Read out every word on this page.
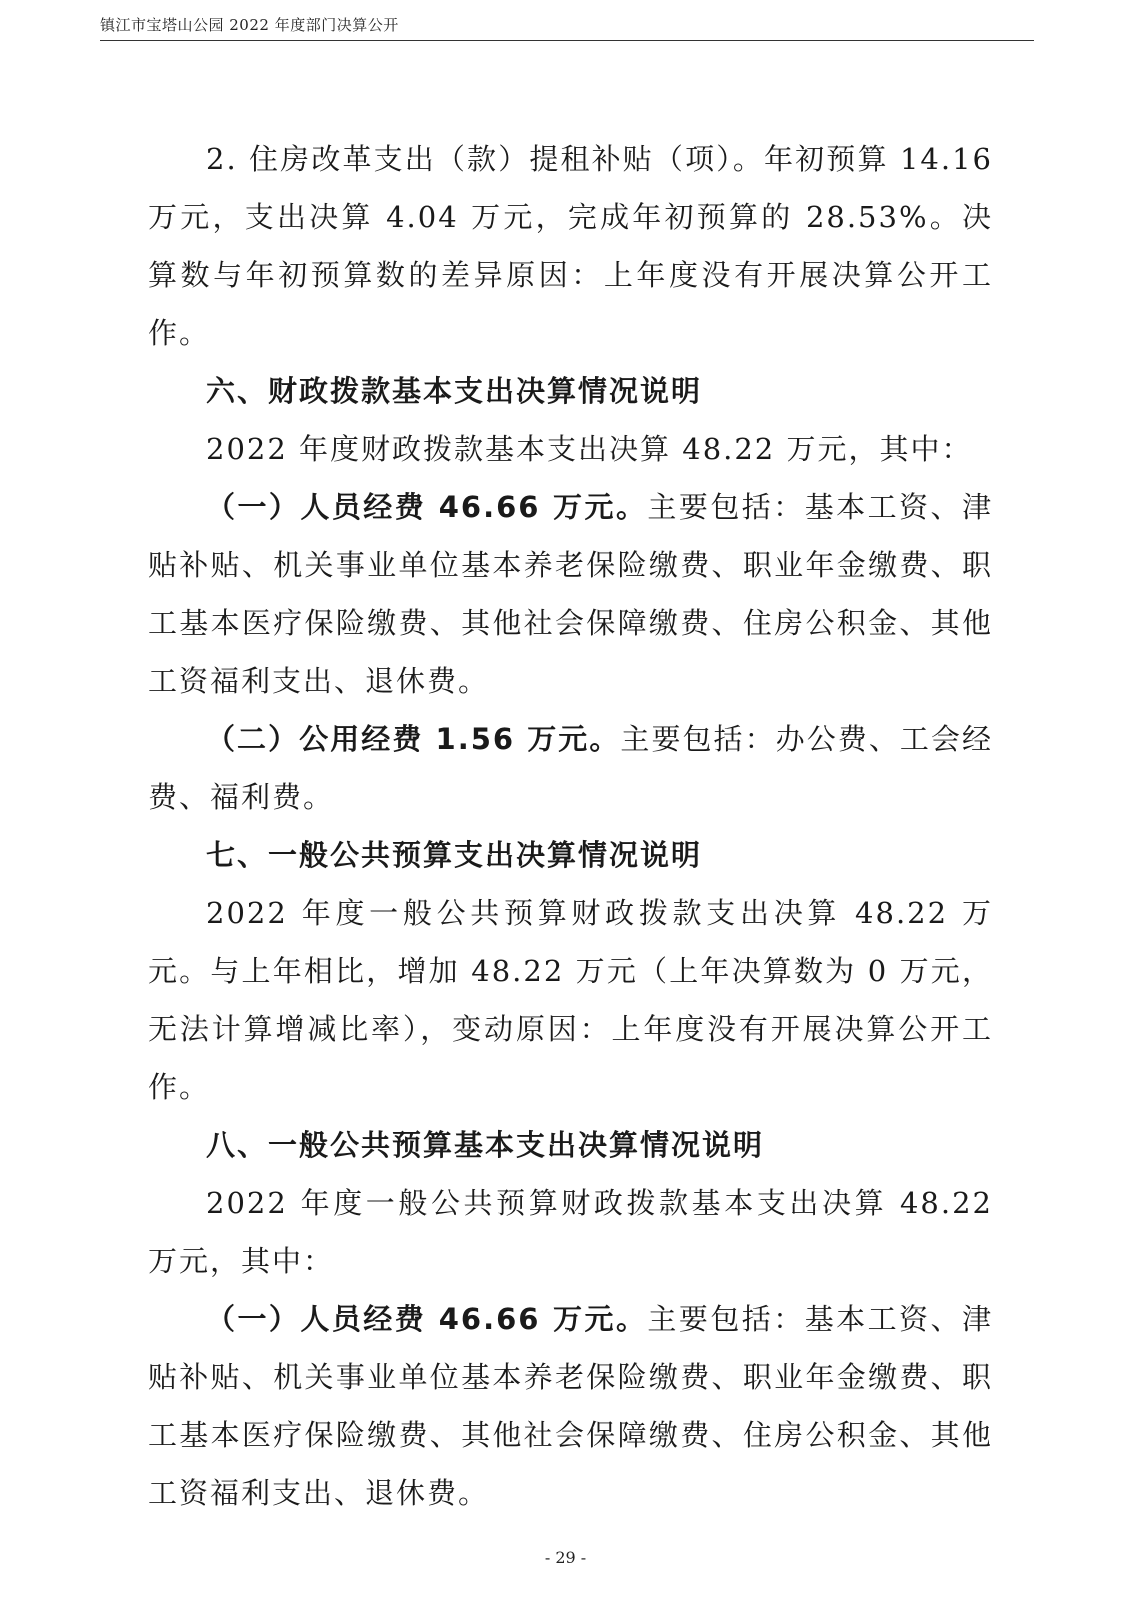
镇江市宝塔山公园 2022 年度部门决算公开

2. 住房改革支出（款）提租补贴（项）。年初预算 14.16 万元，支出决算 4.04 万元，完成年初预算的 28.53%。决算数与年初预算数的差异原因：上年度没有开展决算公开工作。

六、财政拨款基本支出决算情况说明

2022 年度财政拨款基本支出决算 48.22 万元，其中：

（一）人员经费 46.66 万元。主要包括：基本工资、津贴补贴、机关事业单位基本养老保险缴费、职业年金缴费、职工基本医疗保险缴费、其他社会保障缴费、住房公积金、其他工资福利支出、退休费。

（二）公用经费 1.56 万元。主要包括：办公费、工会经费、福利费。

七、一般公共预算支出决算情况说明

2022 年度一般公共预算财政拨款支出决算 48.22 万元。与上年相比，增加 48.22 万元（上年决算数为 0 万元，无法计算增减比率），变动原因：上年度没有开展决算公开工作。

八、一般公共预算基本支出决算情况说明

2022 年度一般公共预算财政拨款基本支出决算 48.22 万元，其中：

（一）人员经费 46.66 万元。主要包括：基本工资、津贴补贴、机关事业单位基本养老保险缴费、职业年金缴费、职工基本医疗保险缴费、其他社会保障缴费、住房公积金、其他工资福利支出、退休费。

- 29 -
